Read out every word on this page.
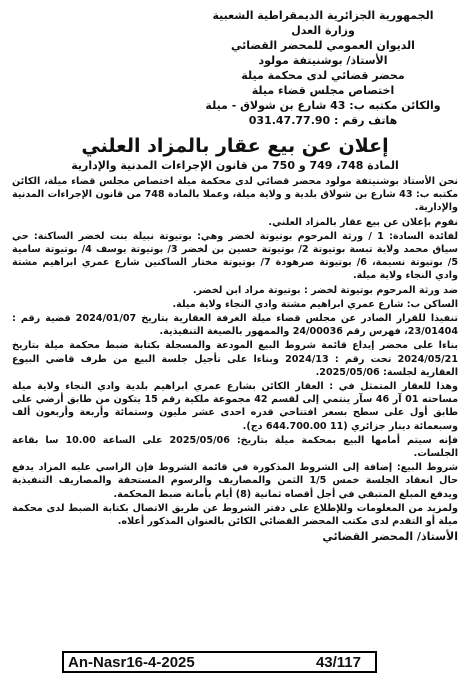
الجمهورية الجزائرية الديمقراطية الشعبية
وزارة العدل
الديوان العمومي للمحضر القضائي
الأستاذ/ بوشنيتفة مولود
محضر قضائي لدى محكمة ميلة
اختصاص مجلس قضاء ميلة
والكائن مكتبه ب: 43 شارع بن شولاق - ميلة
هاتف رقم : 031.47.77.90
إعلان عن بيع عقار بالمزاد العلني
المادة 748، 749 و 750 من قانون الإجراءات المدنية والإدارية

نحن الأستاذ بوشنيتفة مولود محضر قضائي لدى محكمة ميلة اختصاص مجلس قضاء ميلة، الكائن مكتبه ب: 43 شارع بن شولاق بلدية و ولاية ميلة، وعملا بالمادة 748 من قانون الإجراءات المدنية والإدارية.

نقوم بإعلان عن بيع عقار بالمزاد العلني.

لفائدة السادة: 1 / ورثة المرحوم بوتيوتة لخضر وهي: بوتيوتة نبيلة بنت لخضر الساكنة: حي سياق محمد ولاية تبسة بوتيوتة 2/ بوتيوتة حسين بن لخضر 3/ بوتيوتة يوسف 4/ بوتيوتة سامية 5/ بوتيوتة نسيمة، 6/ بوتيوتة صرهودة 7/ بوتيوتة مختار الساكنين شارع عمري ابراهيم مشتة وادي النجاء ولاية ميلة.

ضد ورثة المرحوم بوتيوتة لخضر : بوتيوتة مراد ابن لخضر.

الساكن ب: شارع عمري ابراهيم مشتة وادي النجاء ولاية ميلة.

تنفيذا للقرار الصادر عن مجلس قضاء ميلة الغرفة العقارية بتاريخ 2024/01/07 قضية رقم : 23/01404، فهرس رقم 24/00036 والممهور بالصيغة التنفيذية.

بناءا على محضر إيداع قائمة شروط البيع المودعة والمسجلة بكتابة ضبط محكمة ميلة بتاريخ 2024/05/21 تحت رقم : 2024/13 وبناءا على تأجيل جلسة البيع من طرف قاضي البيوع العقارية لجلسة: 2025/05/06.

وهذا للعقار المتمثل في : العقار الكائن بشارع عمري ابراهيم بلدية وادي النجاء ولاية ميلة مساحته 01 آر 46 سآر ينتمي إلى لقسم 42 مجموعة ملكية رقم 15 يتكون من طابق أرضي على طابق أول على سطح بسعر افتتاحي قدره احدى عشر مليون وستمائة وأربعة وأربعون ألف وسبعمائة دينار جزائري (11 644.700.00 دج).

فإنه سيتم أمامها البيع بمحكمة ميلة بتاريخ: 2025/05/06 على الساعة 10.00 سا بقاعة الجلسات.

شروط البيع: إضافة إلى الشروط المذكورة في قائمة الشروط فإن الراسي عليه المزاد يدفع حال انعقاد الجلسة خمس 1/5 الثمن والمصاريف والرسوم المستحقة والمصاريف التنفيذية ويدفع المبلغ المتبقي في أجل أقصاه ثمانية (8) أيام بأمانة ضبط المحكمة.

ولمزيد من المعلومات وللإطلاع على دفتر الشروط عن طريق الاتصال بكتابة الضبط لدى محكمة ميلة أو التقدم لدى مكتب المحضر القضائي الكائن بالعنوان المذكور أعلاه.

الأستاذ/ المحضر القضائي
An-Nasr16-4-2025	43/117
